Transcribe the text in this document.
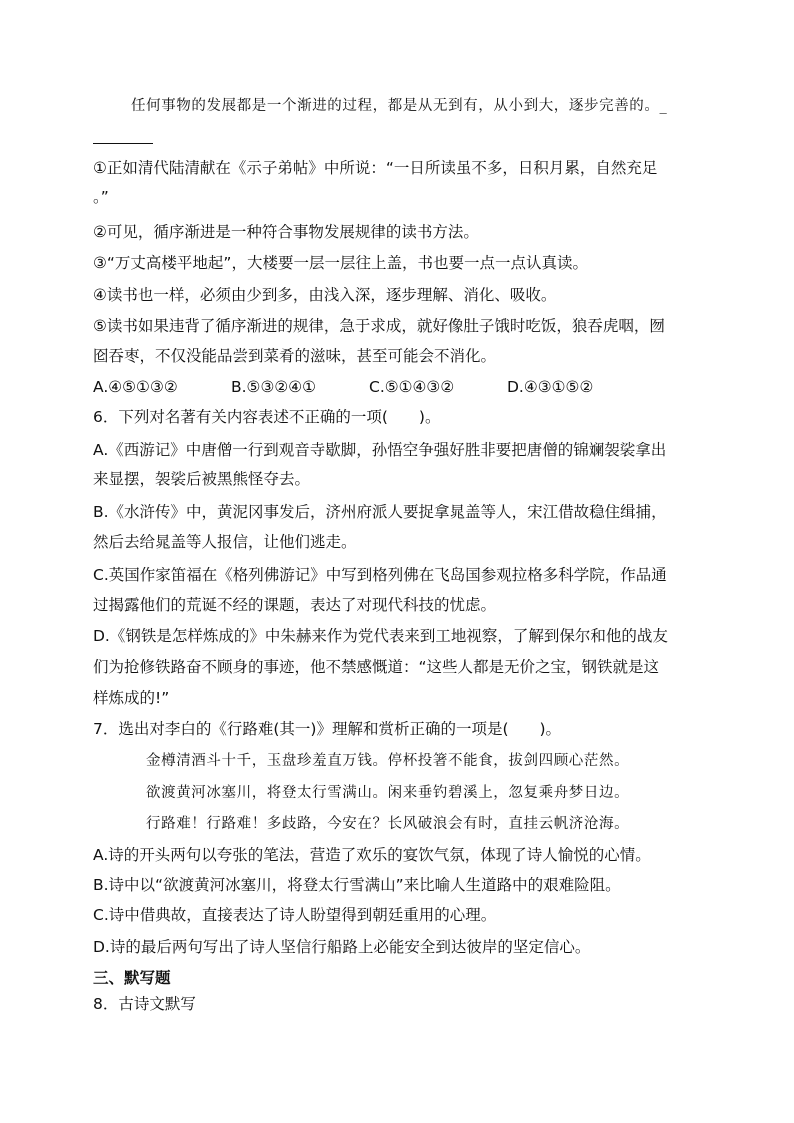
任何事物的发展都是一个渐进的过程，都是从无到有，从小到大，逐步完善的。_
①正如清代陆清献在《示子弟帖》中所说：“一日所读虽不多，日积月累，自然充足
。”
②可见，循序渐进是一种符合事物发展规律的读书方法。
③“万丈高楼平地起”，大楼要一层一层往上盖，书也要一点一点认真读。
④读书也一样，必须由少到多，由浅入深，逐步理解、消化、吸收。
⑤读书如果违背了循序渐进的规律，急于求成，就好像肚子饿时吃饭，狼吞虎咽，囫
囵吞枣，不仅没能品尝到菜肴的滋味，甚至可能会不消化。
A.④⑤①③②	B.⑤③②④①	C.⑤①④③②	D.④③①⑤②
6．下列对名著有关内容表述不正确的一项(　　)。
A.《西游记》中唐僧一行到观音寺歇脚，孙悟空争强好胜非要把唐僧的锦斓袈裟拿出
来显摆，袈裟后被黑熊怪夺去。
B.《水浒传》中，黄泥冈事发后，济州府派人要捉拿晁盖等人，宋江借故稳住缉捕，
然后去给晁盖等人报信，让他们逃走。
C.英国作家笛福在《格列佛游记》中写到格列佛在飞岛国参观拉格多科学院，作品通
过揭露他们的荒诞不经的课题，表达了对现代科技的忧虑。
D.《钢铁是怎样炼成的》中朱赫来作为党代表来到工地视察，了解到保尔和他的战友
们为抢修铁路奋不顾身的事迹，他不禁感慨道：“这些人都是无价之宝，钢铁就是这
样炼成的!”
7．选出对李白的《行路难(其一)》理解和赏析正确的一项是(　　)。
金樽清酒斗十千，玉盘珍羞直万钱。停杯投箸不能食，拔剑四顾心茫然。
欲渡黄河冰塞川，将登太行雪满山。闲来垂钓碧溪上，忽复乘舟梦日边。
行路难！行路难！多歧路，今安在？长风破浪会有时，直挂云帆济沧海。
A.诗的开头两句以夸张的笔法，营造了欢乐的宴饮气氛，体现了诗人愉悦的心情。
B.诗中以“欲渡黄河冰塞川，将登太行雪满山”来比喻人生道路中的艰难险阻。
C.诗中借典故，直接表达了诗人盼望得到朝廷重用的心理。
D.诗的最后两句写出了诗人坚信行船路上必能安全到达彼岸的坚定信心。
三、默写题
8．古诗文默写
